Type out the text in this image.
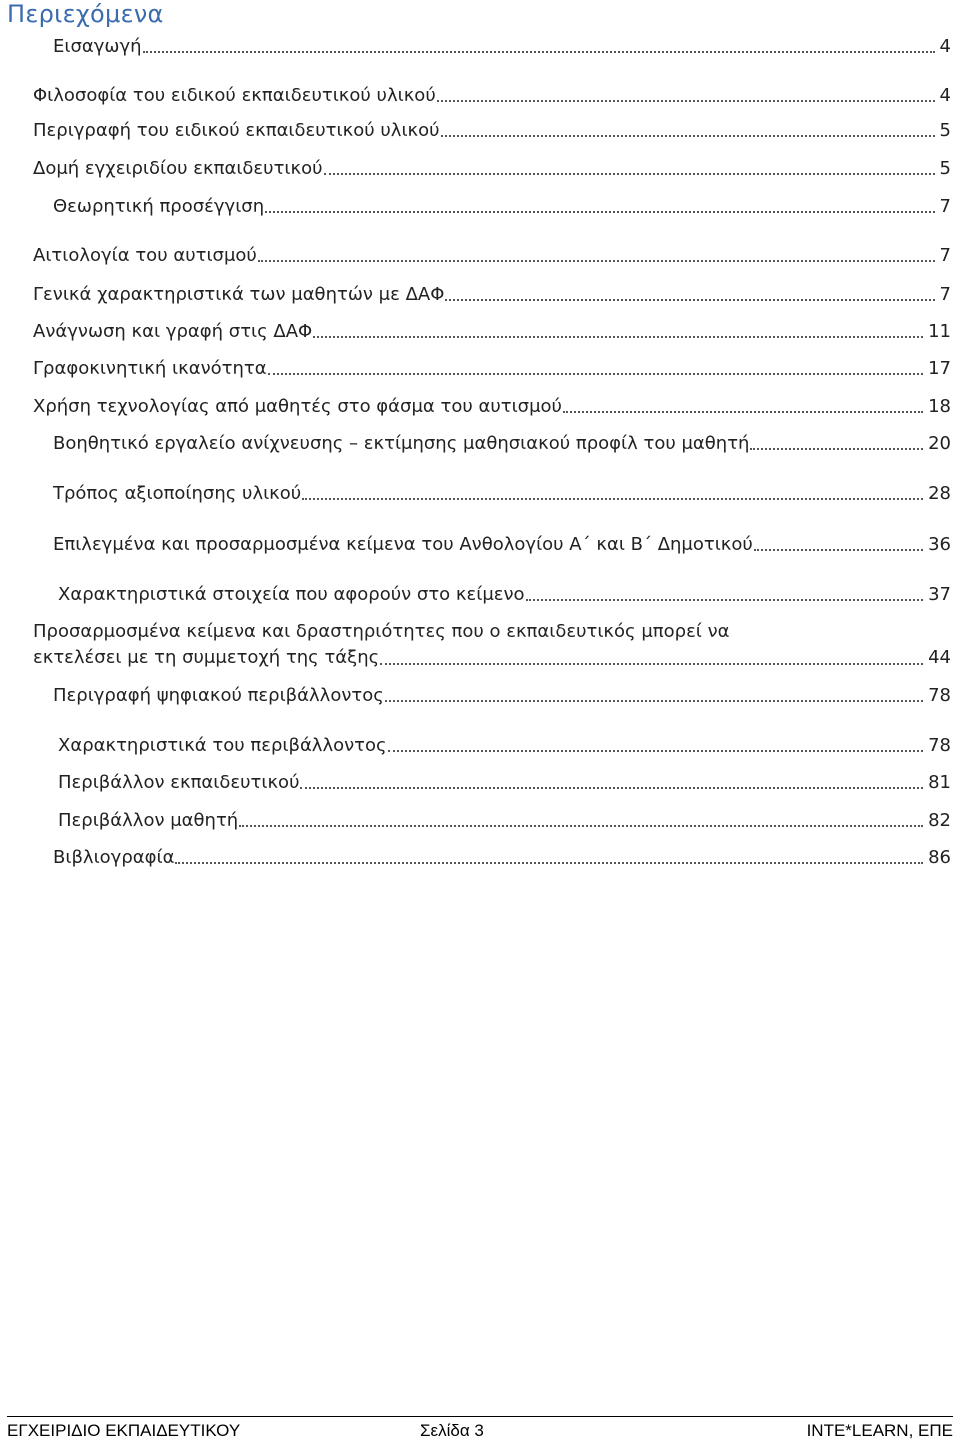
Περιεχόμενα
Εισαγωγή	4
Φιλοσοφία του ειδικού εκπαιδευτικού υλικού	4
Περιγραφή του ειδικού εκπαιδευτικού υλικού	5
Δομή εγχειριδίου εκπαιδευτικού	5
Θεωρητική προσέγγιση	7
Αιτιολογία του αυτισμού	7
Γενικά χαρακτηριστικά των μαθητών με ΔΑΦ	7
Ανάγνωση και γραφή στις ΔΑΦ	11
Γραφοκινητική ικανότητα	17
Χρήση τεχνολογίας από μαθητές στο φάσμα του αυτισμού	18
Βοηθητικό εργαλείο ανίχνευσης – εκτίμησης μαθησιακού προφίλ του μαθητή	20
Τρόπος αξιοποίησης υλικού	28
Επιλεγμένα και προσαρμοσμένα κείμενα του Ανθολογίου Α΄ και Β΄ Δημοτικού	36
Χαρακτηριστικά στοιχεία που αφορούν στο κείμενο	37
Προσαρμοσμένα κείμενα και δραστηριότητες που ο εκπαιδευτικός μπορεί να
εκτελέσει με τη συμμετοχή της τάξης	44
Περιγραφή ψηφιακού περιβάλλοντος	78
Χαρακτηριστικά του περιβάλλοντος	78
Περιβάλλον εκπαιδευτικού	81
Περιβάλλον μαθητή	82
Βιβλιογραφία	86
ΕΓΧΕΙΡΙΔΙΟ ΕΚΠΑΙΔΕΥΤΙΚΟΥ	Σελίδα 3	INTE*LEARN, ΕΠΕ
